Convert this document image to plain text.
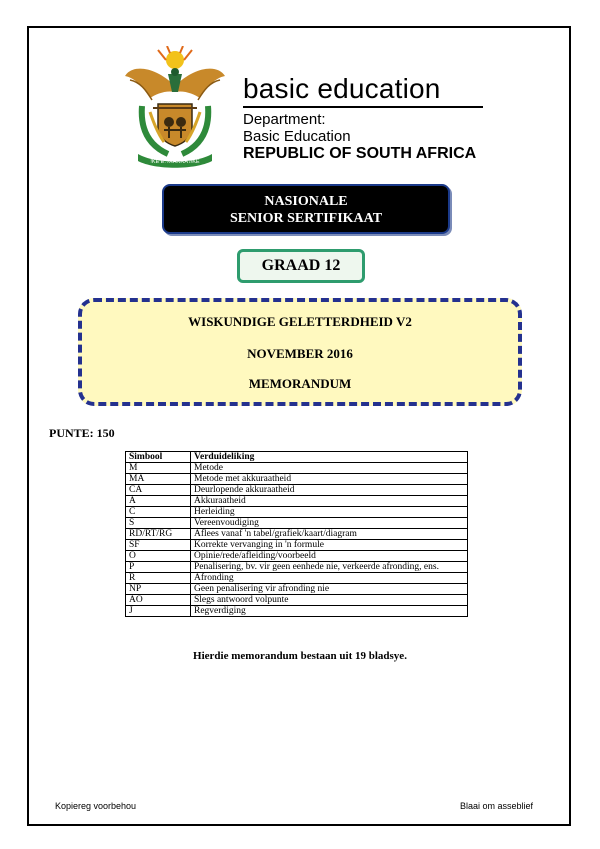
!KE E: /XARRA //KE
basic education
Department:
Basic Education
REPUBLIC OF SOUTH AFRICA
NASIONALE
SENIOR SERTIFIKAAT
GRAAD 12
WISKUNDIGE GELETTERDHEID V2
NOVEMBER 2016
MEMORANDUM
PUNTE: 150
Simbool	Verduideliking
M	Metode
MA	Metode met akkuraatheid
CA	Deurlopende akkuraatheid
A	Akkuraatheid
C	Herleiding
S	Vereenvoudiging
RD/RT/RG	Aflees vanaf 'n tabel/grafiek/kaart/diagram
SF	Korrekte vervanging in 'n formule
O	Opinie/rede/afleiding/voorbeeld
P	Penalisering, bv. vir geen eenhede nie, verkeerde afronding, ens.
R	Afronding
NP	Geen penalisering vir afronding nie
AO	Slegs antwoord volpunte
J	Regverdiging
Hierdie memorandum bestaan uit 19 bladsye.
Kopiereg voorbehou	Blaai om asseblief
